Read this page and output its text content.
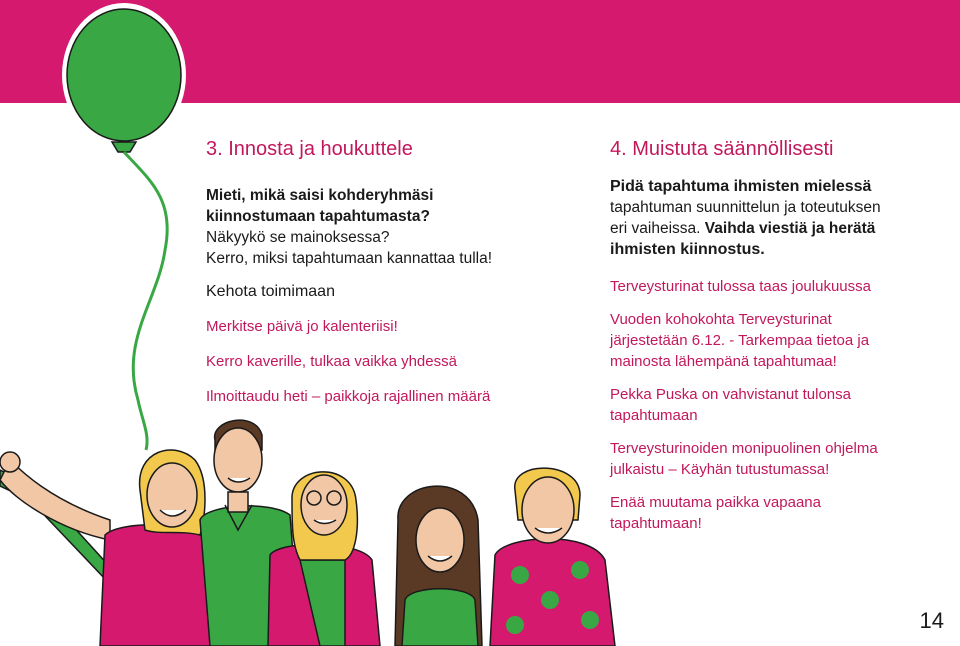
3. Innosta ja houkuttele

Mieti, mikä saisi kohderyhmäsi

kiinnostumaan tapahtumasta?

Näkyykö se mainoksessa?

Kerro, miksi tapahtumaan kannattaa tulla!

Kehota toimimaan

Merkitse päivä jo kalenteriisi!

Kerro kaverille, tulkaa vaikka yhdessä

Ilmoittaudu heti – paikkoja rajallinen määrä

4. Muistuta säännöllisesti

Pidä tapahtuma ihmisten mielessä

tapahtuman suunnittelun ja toteutuksen

eri vaiheissa. Vaihda viestiä ja herätä

ihmisten kiinnostus.

Terveysturinat tulossa taas joulukuussa

Vuoden kohokohta Terveysturinat

järjestetään 6.12. - Tarkempaa tietoa ja

mainosta lähempänä tapahtumaa!

Pekka Puska on vahvistanut tulonsa

tapahtumaan

Terveysturinoiden monipuolinen ohjelma

julkaistu – Käyhän tutustumassa!

Enää muutama paikka vapaana

tapahtumaan!

14
